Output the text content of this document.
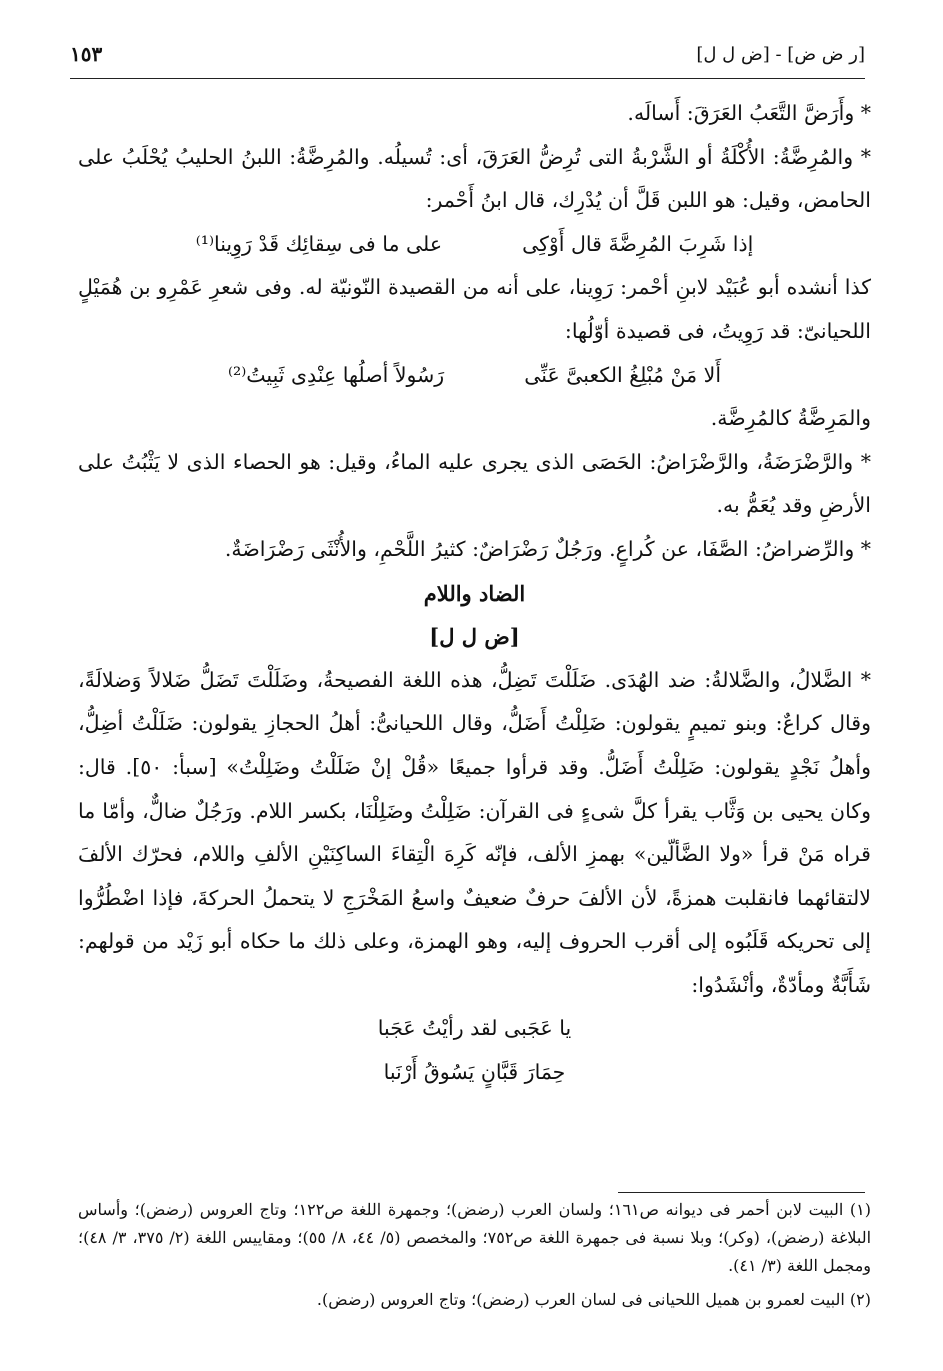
[ر ض ض] - [ض ل ل]
١٥٣

* وأَرَضَّ التَّعَبُ العَرَقَ: أَسالَه.

* والمُرِضَّةُ: الأُكْلَةُ أو الشَّرْبةُ التى تُرِضُّ العَرَقَ، أى: تُسيلُه. والمُرِضَّةُ: اللبنُ الحليبُ يُحْلَبُ على الحامض، وقيل: هو اللبن قَلَّ أن يُدْرِك، قال ابنُ أَحْمر:

إذا شَرِبَ المُرِضَّةَ قال أَوْكِى
على ما فى سِقائِك قَدْ رَوِينا⁽¹⁾

كذا أنشده أبو عُبَيْد لابنِ أحْمر: رَوِينا، على أنه من القصيدة النّونيّة له. وفى شعرِ عَمْرِو بن هُمَيْلٍ اللحيانىّ: قد رَوِيتُ، فى قصيدة أوّلُها:

أَلا مَنْ مُبْلِغُ الكعبىَّ عَنِّى
رَسُولاً أصلُها عِنْدِى ثَبِيتُ⁽²⁾

والمَرِضَّةُ كالمُرِضَّة.

* والرَّضْرَضَةُ، والرَّضْرَاضُ: الحَصَى الذى يجرى عليه الماءُ، وقيل: هو الحصاء الذى لا يَثْبُتُ على الأرضِ وقد يُعَمُّ به.

* والرِّضراضُ: الصَّفَا، عن كُراعٍ. ورَجُلٌ رَضْرَاضٌ: كثيرُ اللَّحْمِ، والأُنْثَى رَضْرَاضَةٌ.

الضاد واللام
[ض ل ل]

* الضَّلالُ، والضَّلالةُ: ضد الهُدَى. ضَلَلْتَ تَضِلُّ، هذه اللغة الفصيحةُ، وضَلَلْتَ تَضَلُّ ضَلالاً وَضلالَةً، وقال كراعٌ: وبنو تميمٍ يقولون: ضَلِلْتُ أَضَلُّ، وقال اللحيانىُّ: أهلُ الحجازِ يقولون: ضَلَلْتُ أضِلُّ، وأهلُ نَجْدٍ يقولون: ضَلِلْتُ أَضَلُّ. وقد قرأوا جميعًا «قُلْ إنْ ضَلَلْتُ وضَلِلْتُ» [سبأ: ٥٠]. قال: وكان يحيى بن وَثَّاب يقرأ كلَّ شىءٍ فى القرآن: ضَلِلْتُ وضَلِلْنَا، بكسر اللام. ورَجُلٌ ضالٌّ، وأمّا ما قراه مَنْ قرأ «ولا الضَّألّين» بهمزِ الألف، فإنّه كَرِهَ الْتِقاءَ الساكِنَيْنِ الألفِ واللام، فحرّك الألفَ لالتقائهما فانقلبت همزةً، لأن الألفَ حرفٌ ضعيفٌ واسعُ المَخْرَجِ لا يتحملُ الحركةَ، فإذا اضْطُرُّوا إلى تحريكه قَلَبُوه إلى أقرب الحروف إليه، وهو الهمزة، وعلى ذلك ما حكاه أبو زَيْد من قولهم: شَأَبَّةٌ ومأدّةٌ، وأنْشَدُوا:

يا عَجَبى لقد رأيْتُ عَجَبا
حِمَارَ قَبَّانٍ يَسُوقُ أَرْنَبا

(١) البيت لابن أحمر فى ديوانه ص١٦١؛ ولسان العرب (رضض)؛ وجمهرة اللغة ص١٢٢؛ وتاج العروس (رضض)؛ وأساس البلاغة (رضض)، (وكر)؛ وبلا نسبة فى جمهرة اللغة ص٧٥٢؛ والمخصص (٥/ ٤٤، ٨/ ٥٥)؛ ومقاييس اللغة (٢/ ٣٧٥، ٣/ ٤٨)؛ ومجمل اللغة (٣/ ٤١).

(٢) البيت لعمرو بن هميل اللحيانى فى لسان العرب (رضض)؛ وتاج العروس (رضض).
